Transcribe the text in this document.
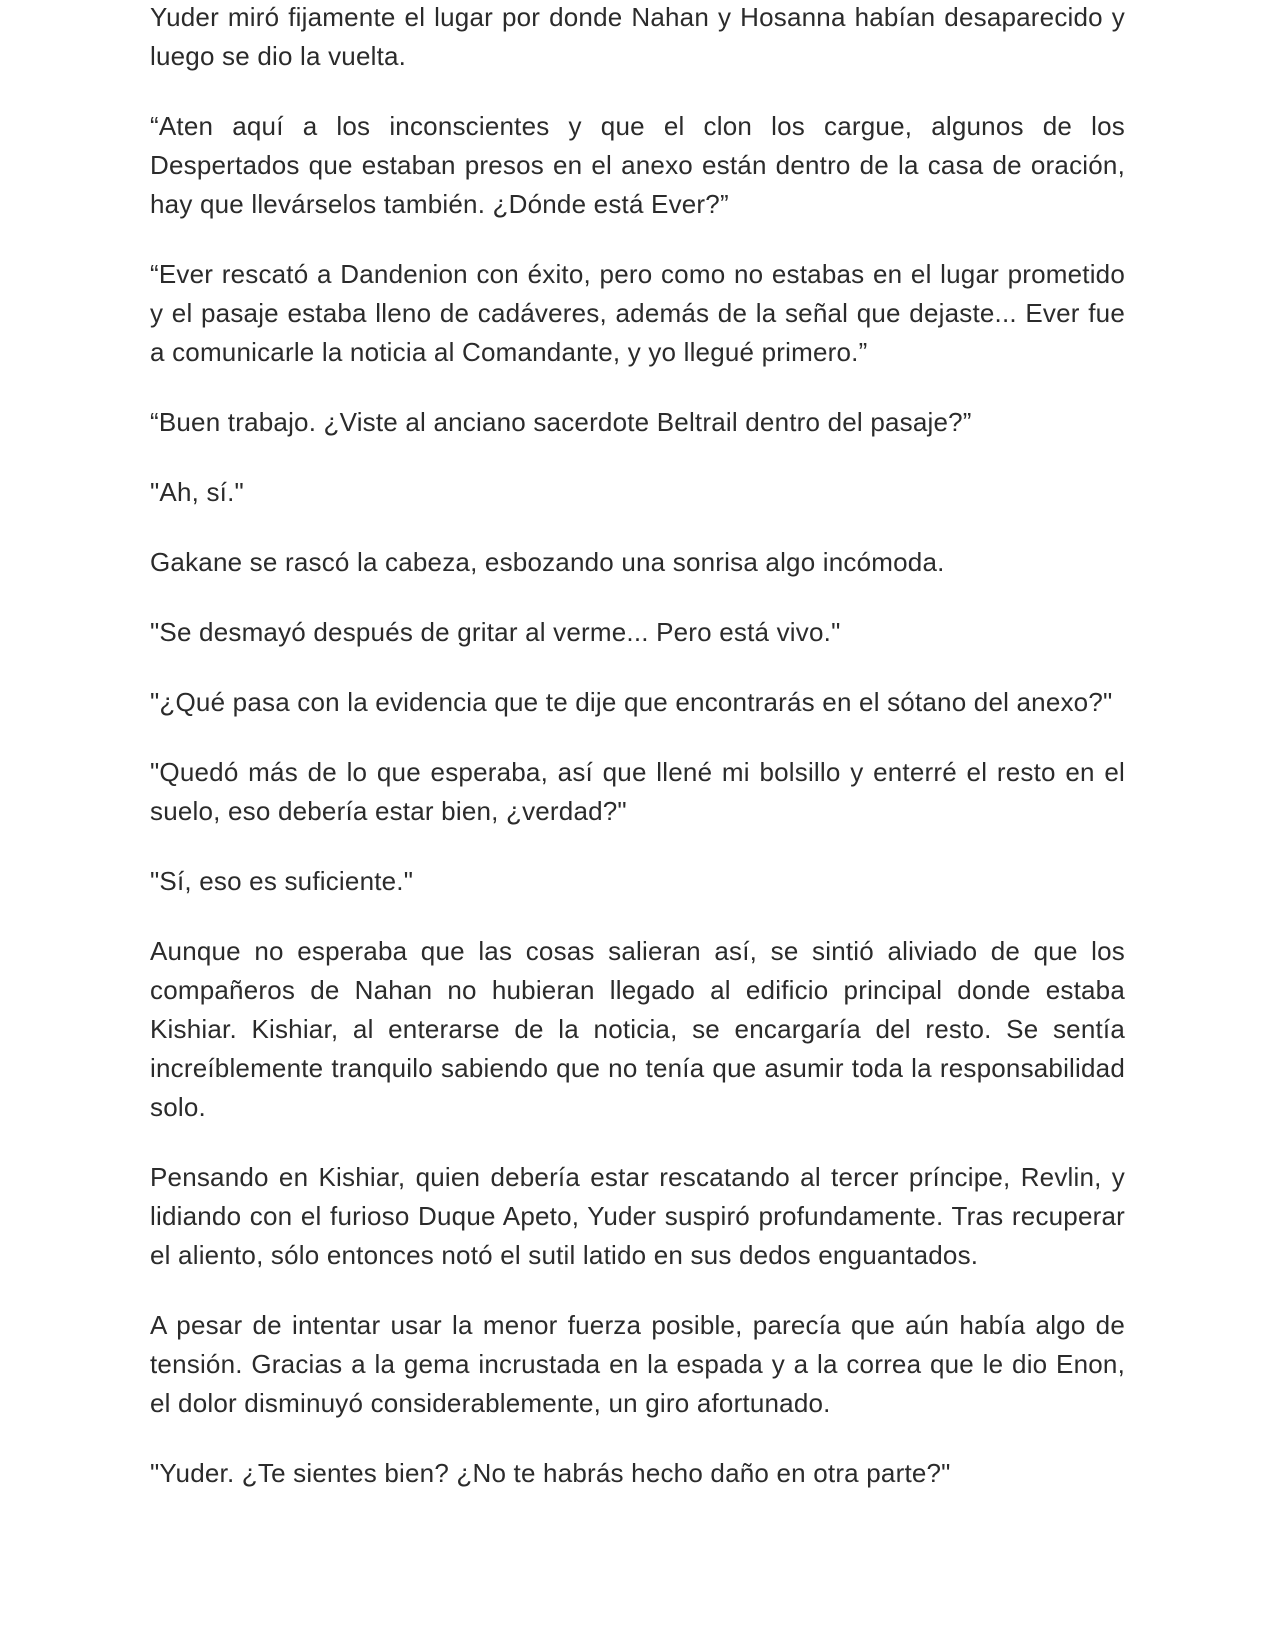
Yuder miró fijamente el lugar por donde Nahan y Hosanna habían desaparecido y luego se dio la vuelta.

“Aten aquí a los inconscientes y que el clon los cargue, algunos de los Despertados que estaban presos en el anexo están dentro de la casa de oración, hay que llevárselos también. ¿Dónde está Ever?”

“Ever rescató a Dandenion con éxito, pero como no estabas en el lugar prometido y el pasaje estaba lleno de cadáveres, además de la señal que dejaste... Ever fue a comunicarle la noticia al Comandante, y yo llegué primero.”

“Buen trabajo. ¿Viste al anciano sacerdote Beltrail dentro del pasaje?”

"Ah, sí."

Gakane se rascó la cabeza, esbozando una sonrisa algo incómoda.

"Se desmayó después de gritar al verme... Pero está vivo."

"¿Qué pasa con la evidencia que te dije que encontrarás en el sótano del anexo?"

"Quedó más de lo que esperaba, así que llené mi bolsillo y enterré el resto en el suelo, eso debería estar bien, ¿verdad?"

"Sí, eso es suficiente."

Aunque no esperaba que las cosas salieran así, se sintió aliviado de que los compañeros de Nahan no hubieran llegado al edificio principal donde estaba Kishiar. Kishiar, al enterarse de la noticia, se encargaría del resto. Se sentía increíblemente tranquilo sabiendo que no tenía que asumir toda la responsabilidad solo.

Pensando en Kishiar, quien debería estar rescatando al tercer príncipe, Revlin, y lidiando con el furioso Duque Apeto, Yuder suspiró profundamente. Tras recuperar el aliento, sólo entonces notó el sutil latido en sus dedos enguantados.

A pesar de intentar usar la menor fuerza posible, parecía que aún había algo de tensión. Gracias a la gema incrustada en la espada y a la correa que le dio Enon, el dolor disminuyó considerablemente, un giro afortunado.

"Yuder. ¿Te sientes bien? ¿No te habrás hecho daño en otra parte?"
